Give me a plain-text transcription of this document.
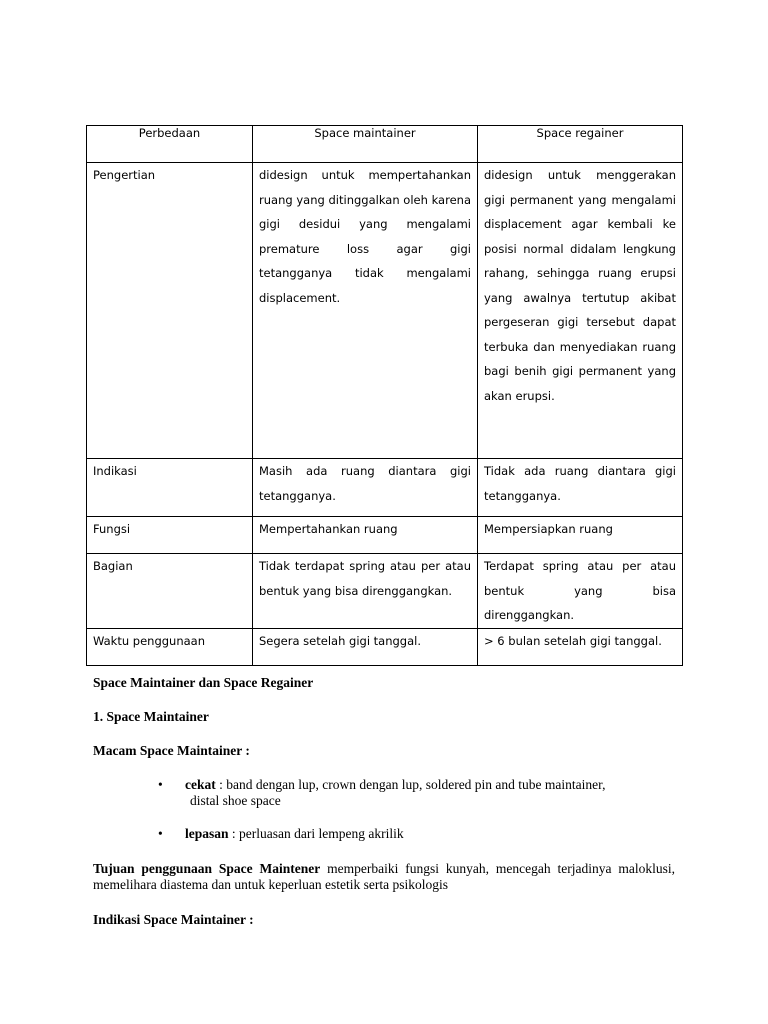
Perbedaan	Space maintainer	Space regainer
Pengertian	didesign untuk mempertahankan ruang yang ditinggalkan oleh karena gigi desidui yang mengalami premature loss agar gigi tetangganya tidak mengalami displacement.	didesign untuk menggerakan gigi permanent yang mengalami displacement agar kembali ke posisi normal didalam lengkung rahang, sehingga ruang erupsi yang awalnya tertutup akibat pergeseran gigi tersebut dapat terbuka dan menyediakan ruang bagi benih gigi permanent yang akan erupsi.
Indikasi	Masih ada ruang diantara gigi tetangganya.	Tidak ada ruang diantara gigi tetangganya.
Fungsi	Mempertahankan ruang	Mempersiapkan ruang
Bagian	Tidak terdapat spring atau per atau bentuk yang bisa direnggangkan.	Terdapat spring atau per atau bentuk yang bisa direnggangkan.
Waktu penggunaan	Segera setelah gigi tanggal.	> 6 bulan setelah gigi tanggal.

Space Maintainer dan Space Regainer

1. Space Maintainer

Macam Space Maintainer :

• cekat : band dengan lup, crown dengan lup, soldered pin and tube maintainer,
distal shoe space
• lepasan : perluasan dari lempeng akrilik

Tujuan penggunaan Space Maintener memperbaiki fungsi kunyah, mencegah terjadinya maloklusi, memelihara diastema dan untuk keperluan estetik serta psikologis

Indikasi Space Maintainer :
